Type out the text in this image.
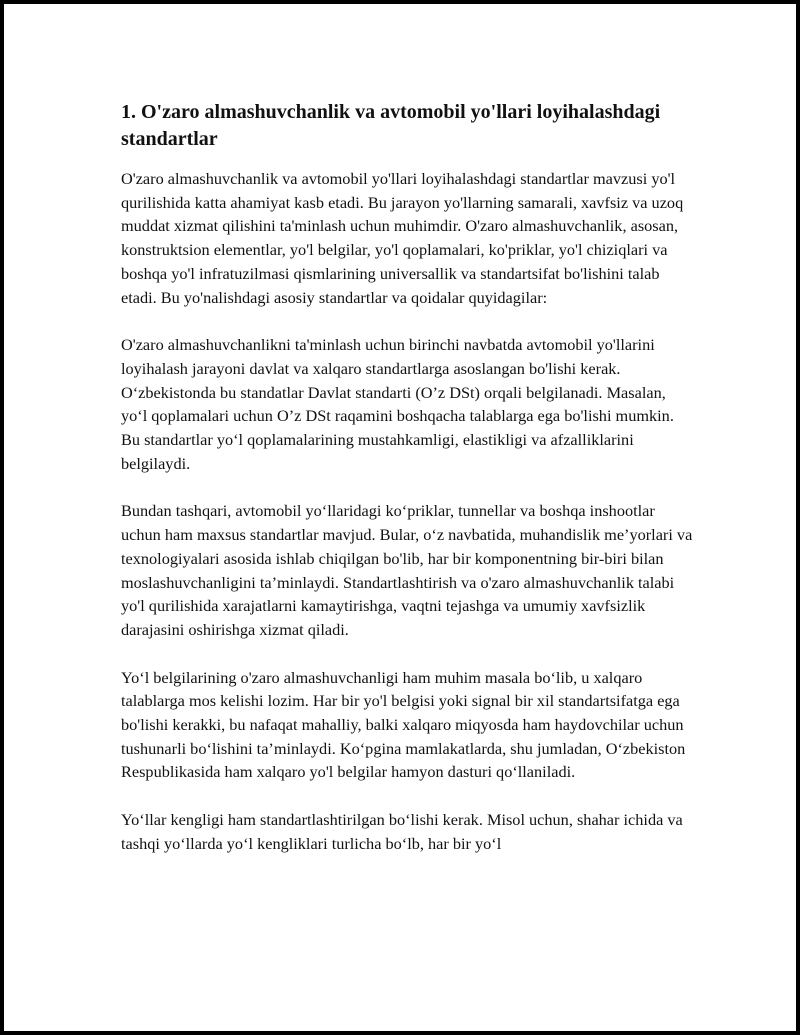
1. O'zaro almashuvchanlik va avtomobil yo'llari loyihalashdagi standartlar

O'zaro almashuvchanlik va avtomobil yo'llari loyihalashdagi standartlar mavzusi yo'l qurilishida katta ahamiyat kasb etadi. Bu jarayon yo'llarning samarali, xavfsiz va uzoq muddat xizmat qilishini ta'minlash uchun muhimdir. O'zaro almashuvchanlik, asosan, konstruktsion elementlar, yo'l belgilar, yo'l qoplamalari, ko'priklar, yo'l chiziqlari va boshqa yo'l infratuzilmasi qismlarining universallik va standartsifat bo'lishini talab etadi. Bu yo'nalishdagi asosiy standartlar va qoidalar quyidagilar:

O'zaro almashuvchanlikni ta'minlash uchun birinchi navbatda avtomobil yo'llarini loyihalash jarayoni davlat va xalqaro standartlarga asoslangan bo'lishi kerak. O‘zbekistonda bu standatlar Davlat standarti (O’z DSt) orqali belgilanadi. Masalan, yo‘l qoplamalari uchun O’z DSt raqamini boshqacha talablarga ega bo'lishi mumkin. Bu standartlar yo‘l qoplamalarining mustahkamligi, elastikligi va afzalliklarini belgilaydi.

Bundan tashqari, avtomobil yo‘llaridagi ko‘priklar, tunnellar va boshqa inshootlar uchun ham maxsus standartlar mavjud. Bular, o‘z navbatida, muhandislik me’yorlari va texnologiyalari asosida ishlab chiqilgan bo'lib, har bir komponentning bir-biri bilan moslashuvchanligini ta’minlaydi. Standartlashtirish va o'zaro almashuvchanlik talabi yo'l qurilishida xarajatlarni kamaytirishga, vaqtni tejashga va umumiy xavfsizlik darajasini oshirishga xizmat qiladi.

Yo‘l belgilarining o'zaro almashuvchanligi ham muhim masala bo‘lib, u xalqaro talablarga mos kelishi lozim. Har bir yo'l belgisi yoki signal bir xil standartsifatga ega bo'lishi kerakki, bu nafaqat mahalliy, balki xalqaro miqyosda ham haydovchilar uchun tushunarli bo‘lishini ta’minlaydi. Ko‘pgina mamlakatlarda, shu jumladan, O‘zbekiston Respublikasida ham xalqaro yo'l belgilar hamyon dasturi qo‘llaniladi.

Yo‘llar kengligi ham standartlashtirilgan bo‘lishi kerak. Misol uchun, shahar ichida va tashqi yo‘llarda yo‘l kengliklari turlicha bo‘lb, har bir yo‘l
